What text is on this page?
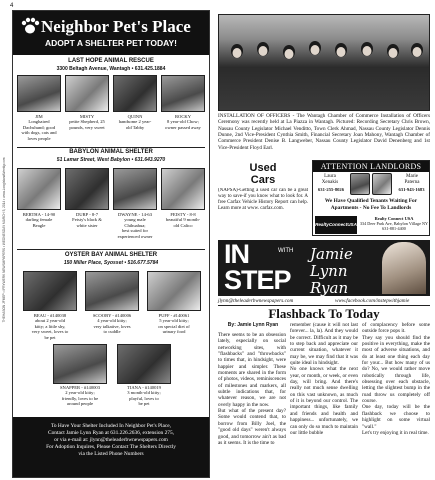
THEHASON JFMEP • IFRYWERK NEWSMPAPERS • WEDNESDAY MARCH 5, 2014 • www.LongIslandWeekly.com
4
Neighbor Pet's Place
ADOPT A SHELTER PET TODAY!
LAST HOPE ANIMAL RESCUE
3300 Beltagh Avenue, Wantagh • 631.425.1884
JIM
Longhaired
Dachshund; good
with dogs, cats and
loves people
MISTY
petite Shepherd, 25
pounds, very sweet
QUINN
handsome 2 year-
old Tabby
ROCKY
8 year-old Chow;
owner passed away
BABYLON ANIMAL SHELTER
51 Lamar Street, West Babylon • 631.643.9270
BERTHA - 14-90
darling female
Beagle
DURP - 8-7
Feisty's black &
white sister
DWAYNE - 14-63
young male
Chihuahua;
best suited for
experienced owner
FEISTY - 8-8
beautiful 9 month-
old Calico
OYSTER BAY ANIMAL SHELTER
150 Miller Place, Syosset • 516.677.5784
BEAU - #140038
about 2 year-old
kitty; a little shy,
very sweet, loves to
be pet
SCOOBY - #140006
4 year-old kitty;
very talkative, loves
to cuddle
PUFF - #140061
5 year-old kitty;
on special diet of
urinary food
SNAPPER - #140003
2 year-old kitty;
friendly, loves to be
around people
TIANA - #140019
3 month-old kitty;
playful, loves to
be pet
To Have Your Shelter Included In Neighbor Pet's Place,
Contact Jamie Lynn Ryan at 631.226.2636, extension 275,
or via e-mail at: jlynn@theleaderbwnewspapers.com
For Adoption Inquires, Please Contact The Shelters Directly
via the Listed Phone Numbers
INSTALLATION OF OFFICERS - The Wantagh Chamber of Commerce Installation of Officers Ceremony was recently held at La Piazza in Wantagh. Pictured: Recording Secretary Chris Brown, Nassau County Legislator Michael Venditto, Town Clerk Ahmad, Nassau County Legislator Dennis Dunne, 2nd Vice-President Cynthia Smith, Financial Secretary Joan Mahony, Wantagh Chamber of Commerce President Denise B. Langweber, Nassau County Legislator David Denenberg and 1st Vice-President Floyd Earl.
Used
Cars
(NAPSA)-Getting a used car can be a great way to save-if you know what to look for. A free Carfax Vehicle History Report can help. Learn more at www. carfax.com.
ATTENTION LANDLORDS
Laura
Xenakis
631-255-8026
Marie
Paterna
631-943-1683
We Have Qualified Tenants Waiting For
Apartments - No Fee To Landlords
RealtyConnectUSA
Realty Connect USA
334 Deer Park Ave, Babylon Village NY
631-881-4400
IN
STEP
WITH Jamie
Lynn Ryan
jlynn@theleaderbwnewspapers.com	www.facebook.com/instepwithjamie
Flashback To Today
By: Jamie Lynn Ryan
There seems to be an obsession lately, especially on social networking sites, with "flashbacks" and "throwbacks" to times that, in hindsight, were happier and simpler. These moments are shared in the form of photos, videos, reminiscences of milestones and markers, all subtle indications that, for whatever reason, we are not overly happy in the now.
But what of the present day? Some would contend that, to borrow from Billy Joel, the "good old days" weren't always good, and tomorrow ain't as bad as it seems. It is the time to
remember (cause it will not last forever... la, la). And they would be correct. Difficult as it may be to step back and appreciate our current situation, whatever it may be, we may find that it was quite ideal in hindsight.
No one knows what the next year, or month, or week, or even day, will bring. And there's really not much sense dwelling on this vast unknown, as much of it is beyond our control. The important things, like family and friends and health and happiness... unfortunately, we can only do so much to maintain our little bubble
of complacency before some outside force pops it.
They say you should find the positive in everything, make the most of adverse situations, and do at least one thing each day for your... But how many of us do? No, we would rather move robotically through life, obsessing over each obstacle, letting the slightest bump in the road throw us completely off course.
One day, today will be the flashback we choose to highlight on some virtual "wall."
Let's try enjoying it in real time.
